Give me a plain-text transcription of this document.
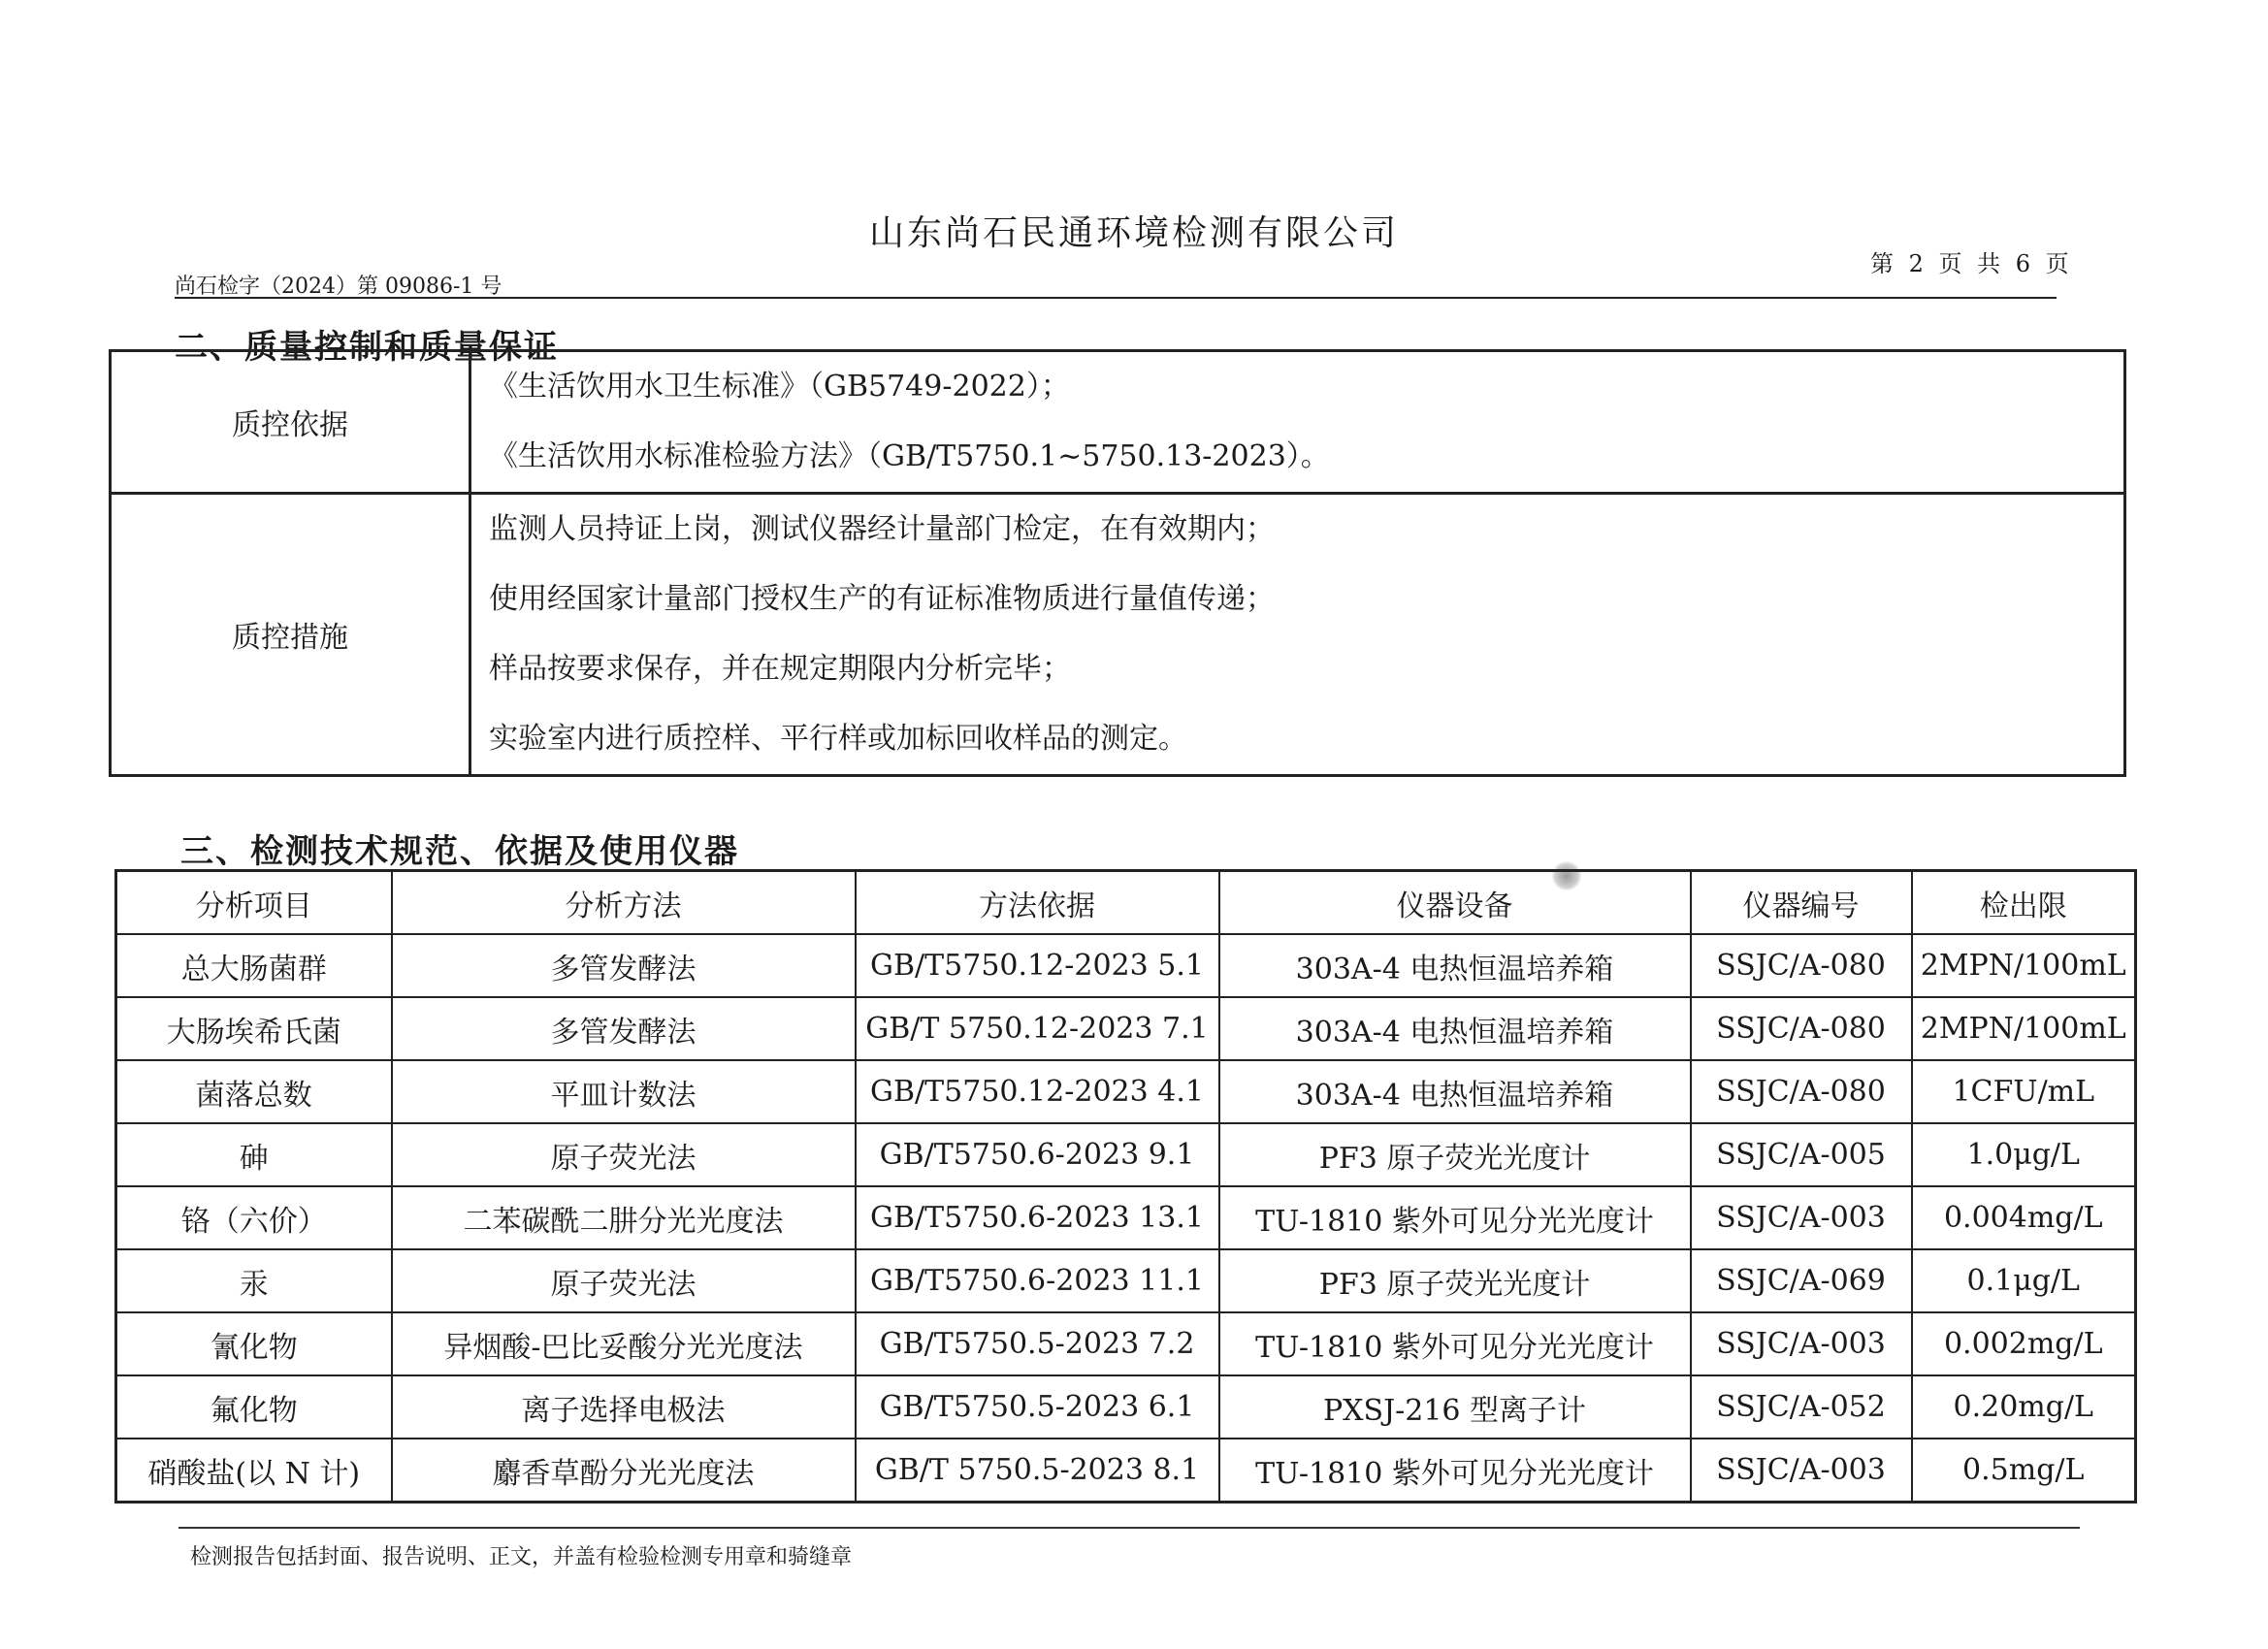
山东尚石民通环境检测有限公司
尚石检字（2024）第 09086-1 号
第 2 页 共 6 页
二、质量控制和质量保证
质控依据	《生活饮用水卫生标准》（GB5749-2022）；
《生活饮用水标准检验方法》（GB/T5750.1~5750.13-2023）。

质控措施	监测人员持证上岗，测试仪器经计量部门检定，在有效期内；
使用经国家计量部门授权生产的有证标准物质进行量值传递；
样品按要求保存，并在规定期限内分析完毕；
实验室内进行质控样、平行样或加标回收样品的测定。
三、检测技术规范、依据及使用仪器
分析项目	分析方法	方法依据	仪器设备	仪器编号	检出限
总大肠菌群	多管发酵法	GB/T5750.12-2023 5.1	303A-4 电热恒温培养箱	SSJC/A-080	2MPN/100mL
大肠埃希氏菌	多管发酵法	GB/T 5750.12-2023 7.1	303A-4 电热恒温培养箱	SSJC/A-080	2MPN/100mL
菌落总数	平皿计数法	GB/T5750.12-2023 4.1	303A-4 电热恒温培养箱	SSJC/A-080	1CFU/mL
砷	原子荧光法	GB/T5750.6-2023 9.1	PF3 原子荧光光度计	SSJC/A-005	1.0μg/L
铬（六价）	二苯碳酰二肼分光光度法	GB/T5750.6-2023 13.1	TU-1810 紫外可见分光光度计	SSJC/A-003	0.004mg/L
汞	原子荧光法	GB/T5750.6-2023 11.1	PF3 原子荧光光度计	SSJC/A-069	0.1μg/L
氰化物	异烟酸-巴比妥酸分光光度法	GB/T5750.5-2023 7.2	TU-1810 紫外可见分光光度计	SSJC/A-003	0.002mg/L
氟化物	离子选择电极法	GB/T5750.5-2023 6.1	PXSJ-216 型离子计	SSJC/A-052	0.20mg/L
硝酸盐(以 N 计)	麝香草酚分光光度法	GB/T 5750.5-2023 8.1	TU-1810 紫外可见分光光度计	SSJC/A-003	0.5mg/L
检测报告包括封面、报告说明、正文，并盖有检验检测专用章和骑缝章
